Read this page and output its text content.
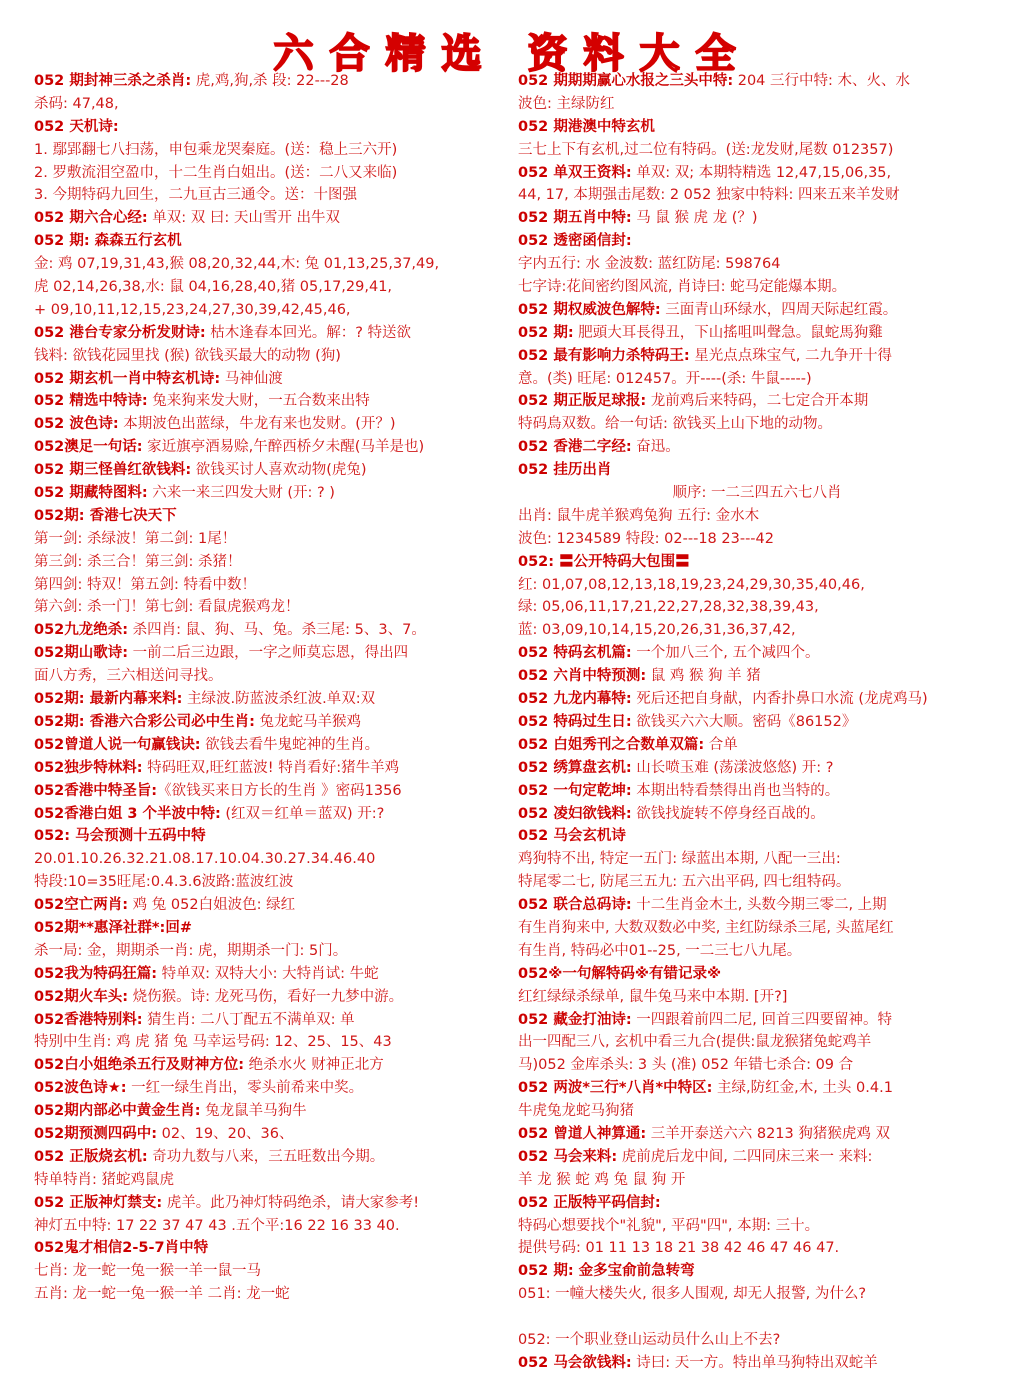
六合精选 资料大全
052 期封神三杀之杀肖: 虎,鸡,狗,杀 段: 22---28
杀码: 47,48,
052 天机诗:
1. 鄢郢翻七八扫荡，申包乘龙哭秦庭。(送：稳上三六开)
2. 罗敷流泪空盈巾，十二生肖白姐出。(送：二八又来临)
3. 今期特码九回生，二九亘古三通令。送：十图强
052 期六合心经: 单双: 双 曰: 天山雪开 出牛双
052 期: 森森五行玄机
金: 鸡 07,19,31,43,猴 08,20,32,44,木: 兔 01,13,25,37,49,
虎 02,14,26,38,水: 鼠 04,16,28,40,猪 05,17,29,41,
+ 09,10,11,12,15,23,24,27,30,39,42,45,46,
052 港台专家分析发财诗: 枯木逢春本回光。解：? 特送欲
钱料: 欲钱花园里找 (猴) 欲钱买最大的动物 (狗)
052 期玄机一肖中特玄机诗: 马神仙渡
052 精选中特诗: 兔来狗来发大财，一五合数来出特
052 波色诗: 本期波色出蓝绿，牛龙有来也发财。(开？)
052澳足一句话: 家近旗亭酒易赊,午醉西桥夕未醒(马羊是也)
052 期三怪兽红欲钱料: 欲钱买讨人喜欢动物(虎兔)
052 期藏特图料: 六来一来三四发大财 (开: ? )
052期: 香港七决天下
第一剑: 杀绿波！第二剑: 1尾！
第三剑: 杀三合！第三剑: 杀猪！
第四剑: 特双！第五剑: 特看中数！
第六剑: 杀一门！第七剑: 看鼠虎猴鸡龙！
052九龙绝杀: 杀四肖: 鼠、狗、马、兔。杀三尾: 5、3、7。
052期山歌诗: 一前二后三边跟，一字之师莫忘恩，得出四
面八方秀，三六相送问寻找。
052期: 最新内幕来料: 主绿波.防蓝波杀红波.单双:双
052期: 香港六合彩公司必中生肖: 兔龙蛇马羊猴鸡
052曾道人说一句赢钱诀: 欲钱去看牛鬼蛇神的生肖。
052独步特林料: 特码旺双,旺红蓝波! 特肖看好:猪牛羊鸡
052香港中特圣旨:《欲钱买来日方长的生肖 》密码1356
052香港白姐 3 个半波中特: (红双＝红单＝蓝双) 开:?
052: 马会预测十五码中特
20.01.10.26.32.21.08.17.10.04.30.27.34.46.40
特段:10=35旺尾:0.4.3.6波路:蓝波红波
052空亡两肖: 鸡 兔 052白姐波色: 绿红
052期**惠泽社群*:回#
杀一局: 金，期期杀一肖: 虎，期期杀一门: 5门。
052我为特码狂篇: 特单双: 双特大小: 大特肖试: 牛蛇
052期火车头: 烧伤猴。诗: 龙死马伤，看好一九梦中游。
052香港特别料: 猜生肖: 二八丁配五不满单双: 单
特别中生肖: 鸡 虎 猪 兔 马幸运号码: 12、25、15、43
052白小姐绝杀五行及财神方位: 绝杀水火 财神正北方
052波色诗★: 一红一绿生肖出，零头前希来中奖。
052期内部必中黄金生肖: 兔龙鼠羊马狗牛
052期预测四码中: 02、19、20、36、
052 正版烧玄机: 奇功九数与八来，三五旺数出今期。
特单特肖: 猪蛇鸡鼠虎
052 正版神灯禁支: 虎羊。此乃神灯特码绝杀，请大家参考!
神灯五中特: 17 22 37 47 43 .五个平:16 22 16 33 40.
052鬼才相信2-5-7肖中特
七肖: 龙一蛇一兔一猴一羊一鼠一马
五肖: 龙一蛇一兔一猴一羊 二肖: 龙一蛇
052 期期期赢心水报之三头中特: 204 三行中特: 木、火、水
波色: 主绿防红
052 期港澳中特玄机
三七上下有玄机,过二位有特码。(送:龙发财,尾数 012357)
052 单双王资料: 单双: 双; 本期特精选 12,47,15,06,35,
44, 17, 本期强击尾数: 2 052 独家中特料: 四来五来羊发财
052 期五肖中特: 马 鼠 猴 虎 龙 (？)
052 透密函信封:
字内五行: 水 金波数: 蓝红防尾: 598764
七字诗:花间密约图风流, 肖诗曰: 蛇马定能爆本期。
052 期权威波色解特: 三面青山环绿水，四周天际起红霞。
052 期: 肥頭大耳長得丑，下山搖咀叫聲急。鼠蛇馬狗雞
052 最有影响力杀特码王: 星光点点珠宝气, 二九争开十得
意。(类) 旺尾: 012457。开----(杀: 牛鼠-----)
052 期正版足球报: 龙前鸡后来特码，二七定合开本期
特码鳥双数。给一句话: 欲钱买上山下地的动物。
052 香港二字经: 奋迅。
052 挂历出肖
顺序: 一二三四五六七八肖
出肖: 鼠牛虎羊猴鸡兔狗 五行: 金水木
波色: 1234589 特段: 02---18 23---42
052: 〓公开特码大包围〓
红: 01,07,08,12,13,18,19,23,24,29,30,35,40,46,
绿: 05,06,11,17,21,22,27,28,32,38,39,43,
蓝: 03,09,10,14,15,20,26,31,36,37,42,
052 特码玄机篇: 一个加八三个, 五个减四个。
052 六肖中特预测: 鼠 鸡 猴 狗 羊 猪
052 九龙内幕特: 死后还把自身献，内香扑鼻口水流 (龙虎鸡马)
052 特码过生日: 欲钱买六六大顺。密码《86152》
052 白姐秀刊之合数单双篇: 合单
052 绣算盘玄机: 山长喷玉难 (荡漾波悠悠) 开: ?
052 一句定乾坤: 本期出特看禁得出肖也当特的。
052 凌妇欲钱料: 欲钱找旋转不停身经百战的。
052 马会玄机诗
鸡狗特不出, 特定一五门: 绿蓝出本期, 八配一三出:
特尾零二七, 防尾三五九: 五六出平码, 四七组特码。
052 联合总码诗: 十二生肖金木土, 头数今期三零二, 上期
有生肖狗来中, 大数双数必中奖, 主红防绿杀三尾, 头蓝尾红
有生肖, 特码必中01--25, 一二三七八九尾。
052※一句解特码※有错记录※
红红绿绿杀绿单, 鼠牛兔马来中本期. [开?]
052 藏金打油诗: 一四跟着前四二尼, 回首三四要留神。特
出一四配三八, 玄机中看三九合(提供:鼠龙猴猪兔蛇鸡羊
马)052 金库杀头: 3 头 (准) 052 年错七杀合: 09 合
052 两波*三行*八肖*中特区: 主绿,防红金,木, 土头 0.4.1
牛虎兔龙蛇马狗猪
052 曾道人神算通: 三羊开泰送六六 8213 狗猪猴虎鸡 双
052 马会来料: 虎前虎后龙中间, 二四同床三来一 来料:
羊 龙 猴 蛇 鸡 兔 鼠 狗 开
052 正版特平码信封:
特码心想要找个"礼貌", 平码"四", 本期: 三十。
提供号码: 01 11 13 18 21 38 42 46 47 46 47.
052 期: 金多宝俞前急转弯
051: 一幢大楼失火, 很多人围观, 却无人报警, 为什么?
052: 一个职业登山运动员什么山上不去?
052 马会欲钱料: 诗曰: 天一方。特出单马狗特出双蛇羊
